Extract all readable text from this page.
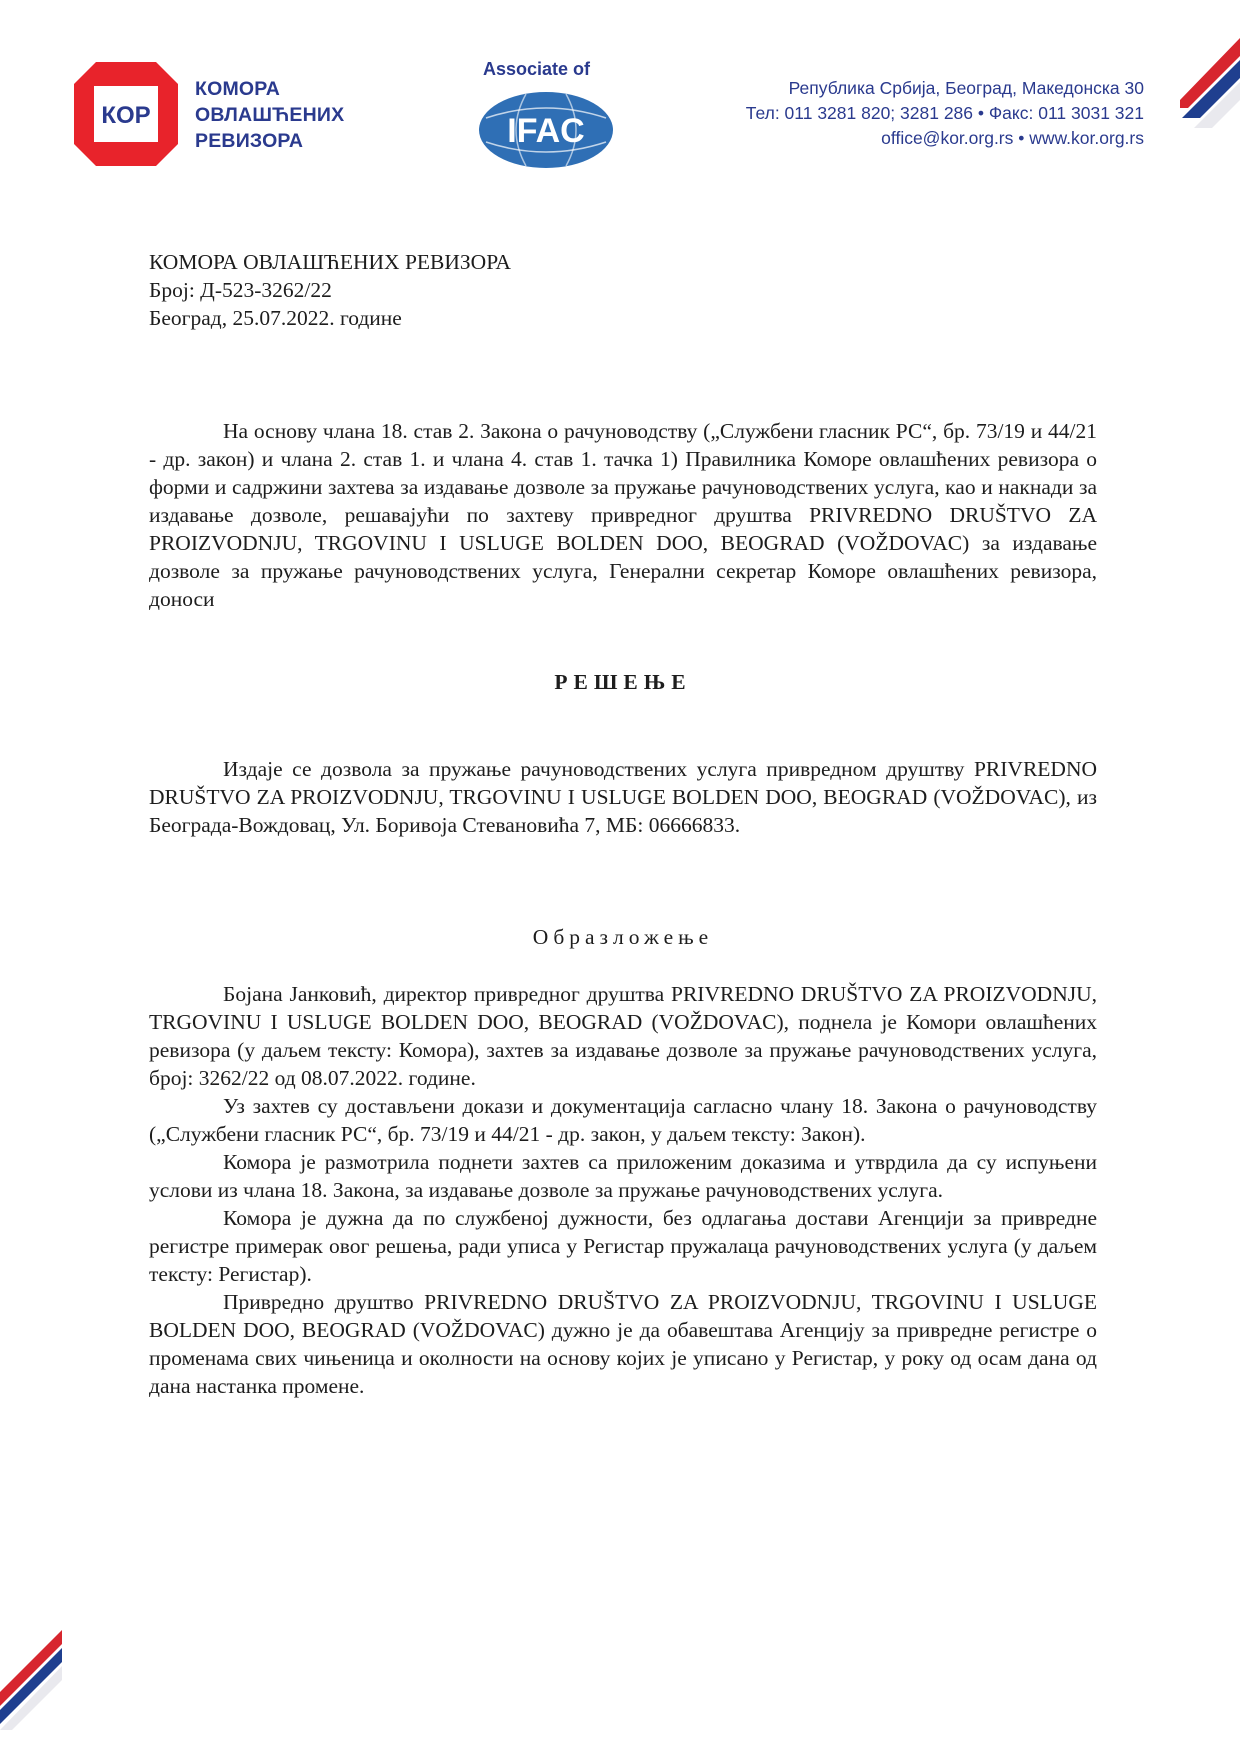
КОР
КОМОРА
ОВЛАШЋЕНИХ
РЕВИЗОРА
Associate of
IFAC
Република Србија, Београд, Македонска 30
Тел: 011 3281 820; 3281 286 • Факс: 011 3031 321
office@kor.org.rs • www.kor.org.rs
КОМОРА ОВЛАШЋЕНИХ РЕВИЗОРА
Број: Д-523-3262/22
Београд, 25.07.2022. године

На основу члана 18. став 2. Закона о рачуноводству („Службени гласник РС“, бр. 73/19 и 44/21 - др. закон) и члана 2. став 1. и члана 4. став 1. тачка 1) Правилника Коморе овлашћених ревизора о форми и садржини захтева за издавање дозволе за пружање рачуноводствених услуга, као и накнади за издавање дозволе, решавајући по захтеву привредног друштва PRIVREDNO DRUŠTVO ZA PROIZVODNJU, TRGOVINU I USLUGE BOLDEN DOO, BEOGRAD (VOŽDOVAC) за издавање дозволе за пружање рачуноводствених услуга, Генерални секретар Коморе овлашћених ревизора, доноси

РЕШЕЊЕ

Издаје се дозвола за пружање рачуноводствених услуга привредном друштву PRIVREDNO DRUŠTVO ZA PROIZVODNJU, TRGOVINU I USLUGE BOLDEN DOO, BEOGRAD (VOŽDOVAC), из Београда-Вождовац, Ул. Боривоја Стевановића 7, МБ: 06666833.

Образложење

Бојана Јанковић, директор привредног друштва PRIVREDNO DRUŠTVO ZA PROIZVODNJU, TRGOVINU I USLUGE BOLDEN DOO, BEOGRAD (VOŽDOVAC), поднела је Комори овлашћених ревизора (у даљем тексту: Комора), захтев за издавање дозволе за пружање рачуноводствених услуга, број: 3262/22 од 08.07.2022. године.

Уз захтев су достављени докази и документација сагласно члану 18. Закона о рачуноводству („Службени гласник РС“, бр. 73/19 и 44/21 - др. закон, у даљем тексту: Закон).

Комора је размотрила поднети захтев са приложеним доказима и утврдила да су испуњени услови из члана 18. Закона, за издавање дозволе за пружање рачуноводствених услуга.

Комора је дужна да по службеној дужности, без одлагања достави Агенцији за привредне регистре примерак овог решења, ради уписа у Регистар пружалаца рачуноводствених услуга (у даљем тексту: Регистар).

Привредно друштво PRIVREDNO DRUŠTVO ZA PROIZVODNJU, TRGOVINU I USLUGE BOLDEN DOO, BEOGRAD (VOŽDOVAC) дужно је да обавештава Агенцију за привредне регистре о променама свих чињеница и околности на основу којих је уписано у Регистар, у року од осам дана од дана настанка промене.
